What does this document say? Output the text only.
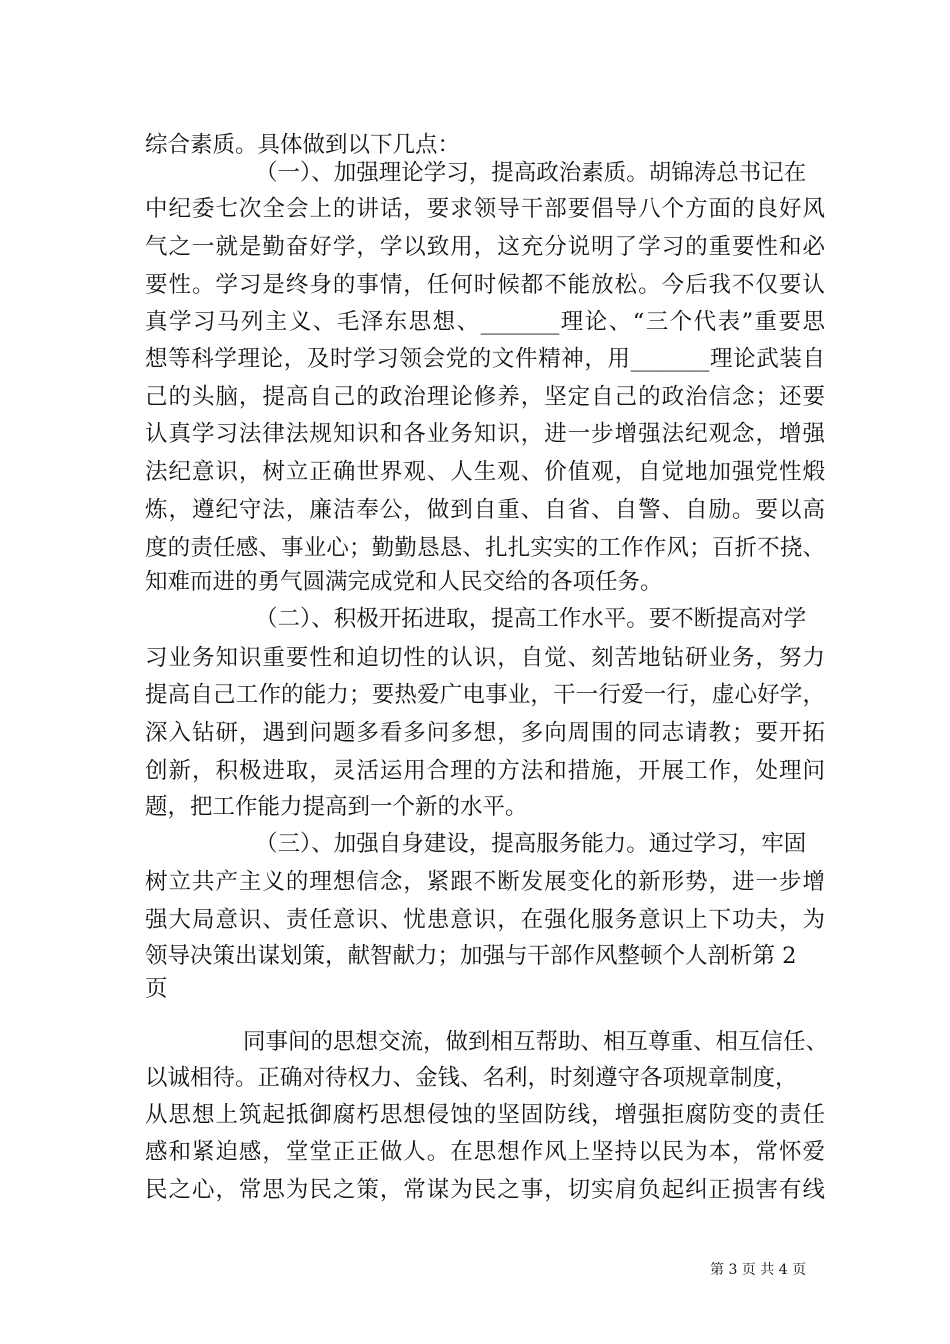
综合素质。具体做到以下几点：
（一）、加强理论学习，提高政治素质。胡锦涛总书记在
中纪委七次全会上的讲话，要求领导干部要倡导八个方面的良好风
气之一就是勤奋好学，学以致用，这充分说明了学习的重要性和必
要性。学习是终身的事情，任何时候都不能放松。今后我不仅要认
真学习马列主义、毛泽东思想、_______理论、“三个代表”重要思
想等科学理论，及时学习领会党的文件精神，用_______理论武装自
己的头脑，提高自己的政治理论修养，坚定自己的政治信念；还要
认真学习法律法规知识和各业务知识，进一步增强法纪观念，增强
法纪意识，树立正确世界观、人生观、价值观，自觉地加强党性煅
炼，遵纪守法，廉洁奉公，做到自重、自省、自警、自励。要以高
度的责任感、事业心；勤勤恳恳、扎扎实实的工作作风；百折不挠、
知难而进的勇气圆满完成党和人民交给的各项任务。
（二）、积极开拓进取，提高工作水平。要不断提高对学
习业务知识重要性和迫切性的认识，自觉、刻苦地钻研业务，努力
提高自己工作的能力；要热爱广电事业，干一行爱一行，虚心好学，
深入钻研，遇到问题多看多问多想，多向周围的同志请教；要开拓
创新，积极进取，灵活运用合理的方法和措施，开展工作，处理问
题，把工作能力提高到一个新的水平。
（三）、加强自身建设，提高服务能力。通过学习，牢固
树立共产主义的理想信念，紧跟不断发展变化的新形势，进一步增
强大局意识、责任意识、忧患意识，在强化服务意识上下功夫，为
领导决策出谋划策，献智献力；加强与干部作风整顿个人剖析第 2
页
同事间的思想交流，做到相互帮助、相互尊重、相互信任、
以诚相待。正确对待权力、金钱、名利，时刻遵守各项规章制度，
从思想上筑起抵御腐朽思想侵蚀的坚固防线，增强拒腐防变的责任
感和紧迫感，堂堂正正做人。在思想作风上坚持以民为本，常怀爱
民之心，常思为民之策，常谋为民之事，切实肩负起纠正损害有线
第 3 页 共 4 页
